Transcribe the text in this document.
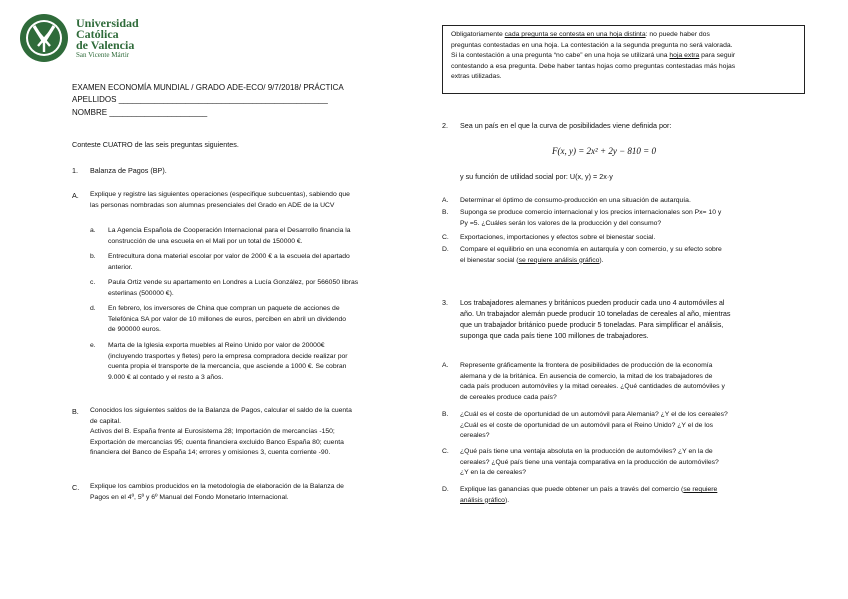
Universidad
Católica
de Valencia
San Vicente Mártir
EXAMEN ECONOMÍA MUNDIAL / GRADO ADE-ECO/ 9/7/2018/ PRÁCTICA
APELLIDOS _______________________________________________
NOMBRE ______________________
Conteste CUATRO de las seis preguntas siguientes.
1. Balanza de Pagos (BP).
A. Explique y registre las siguientes operaciones (especifique subcuentas), sabiendo que
las personas nombradas son alumnas presenciales del Grado en ADE de la UCV
a. La Agencia Española de Cooperación Internacional para el Desarrollo financia la
construcción de una escuela en el Mali por un total de 150000 €.
b. Entrecultura dona material escolar por valor de 2000 € a la escuela del apartado
anterior.
c. Paula Ortiz vende su apartamento en Londres a Lucía González, por 566050 libras
esterlinas (500000 €).
d. En febrero, los inversores de China que compran un paquete de acciones de
Telefónica SA por valor de 10 millones de euros, perciben en abril un dividendo
de 900000 euros.
e. Marta de la Iglesia exporta muebles al Reino Unido por valor de 20000€
(incluyendo trasportes y fletes) pero la empresa compradora decide realizar por
cuenta propia el transporte de la mercancía, que asciende a 1000 €. Se cobran
9.000 € al contado y el resto a 3 años.
B. Conocidos los siguientes saldos de la Balanza de Pagos, calcular el saldo de la cuenta
de capital.
Activos del B. España frente al Eurosistema 28; Importación de mercancías -150;
Exportación de mercancías 95; cuenta financiera excluido Banco España 80; cuenta
financiera del Banco de España 14; errores y omisiones 3, cuenta corriente -90.
C. Explique los cambios producidos en la metodología de elaboración de la Balanza de
Pagos en el 4º, 5º y 6º Manual del Fondo Monetario Internacional.
Obligatoriamente cada pregunta se contesta en una hoja distinta: no puede haber dos
preguntas contestadas en una hoja. La contestación a la segunda pregunta no será valorada.
Si la contestación a una pregunta “no cabe” en una hoja se utilizará una hoja extra para seguir
contestando a esa pregunta. Debe haber tantas hojas como preguntas contestadas más hojas
extras utilizadas.
2. Sea un país en el que la curva de posibilidades viene definida por:
F(x, y) = 2x² + 2y − 810 = 0
y su función de utilidad social por: U(x, y) = 2x·y
A. Determinar el óptimo de consumo-producción en una situación de autarquía.
B. Suponga se produce comercio internacional y los precios internacionales son Px= 10 y
Py =5. ¿Cuáles serán los valores de la producción y del consumo?
C. Exportaciones, importaciones y efectos sobre el bienestar social.
D. Compare el equilibrio en una economía en autarquía y con comercio, y su efecto sobre
el bienestar social (se requiere análisis gráfico).
3. Los trabajadores alemanes y británicos pueden producir cada uno 4 automóviles al
año. Un trabajador alemán puede producir 10 toneladas de cereales al año, mientras
que un trabajador británico puede producir 5 toneladas. Para simplificar el análisis,
suponga que cada país tiene 100 millones de trabajadores.
A. Represente gráficamente la frontera de posibilidades de producción de la economía
alemana y de la británica. En ausencia de comercio, la mitad de los trabajadores de
cada país producen automóviles y la mitad cereales. ¿Qué cantidades de automóviles y
de cereales produce cada país?
B. ¿Cuál es el coste de oportunidad de un automóvil para Alemania? ¿Y el de los cereales?
¿Cuál es el coste de oportunidad de un automóvil para el Reino Unido? ¿Y el de los
cereales?
C. ¿Qué país tiene una ventaja absoluta en la producción de automóviles? ¿Y en la de
cereales? ¿Qué país tiene una ventaja comparativa en la producción de automóviles?
¿Y en la de cereales?
D. Explique las ganancias que puede obtener un país a través del comercio (se requiere
análisis gráfico).
